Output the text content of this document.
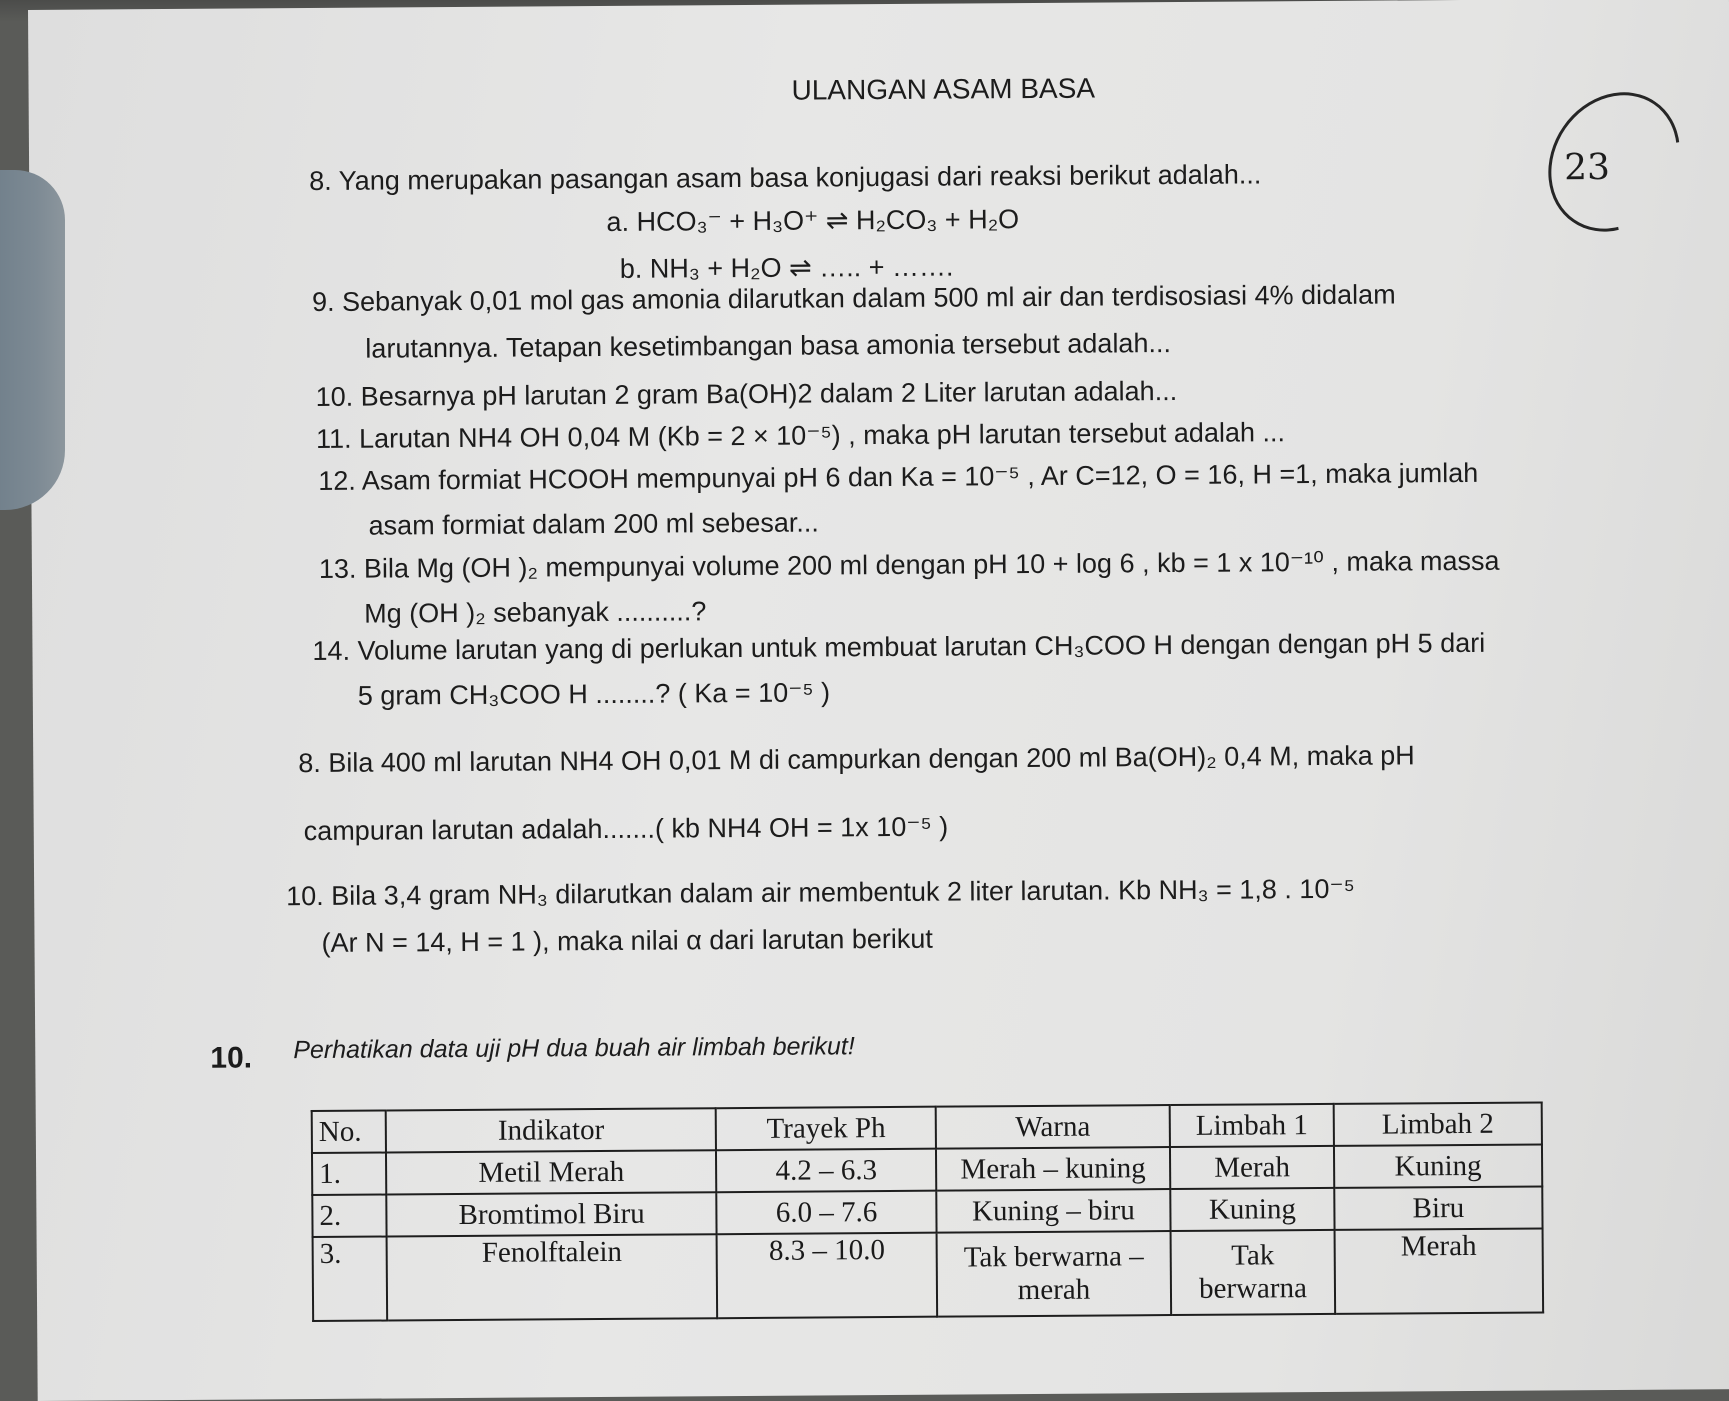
ULANGAN ASAM BASA
23
8. Yang merupakan pasangan asam basa konjugasi dari reaksi berikut adalah...
a. HCO₃⁻ + H₃O⁺ ⇌ H₂CO₃ + H₂O
b. NH₃ + H₂O ⇌ ….. + …….
9. Sebanyak 0,01 mol gas amonia dilarutkan dalam 500 ml air dan terdisosiasi 4% didalam
larutannya. Tetapan kesetimbangan basa amonia tersebut adalah...
10. Besarnya pH larutan 2 gram Ba(OH)2 dalam 2 Liter larutan adalah...
11. Larutan NH4 OH 0,04 M (Kb = 2 × 10⁻⁵) , maka pH larutan tersebut adalah ...
12. Asam formiat HCOOH mempunyai pH 6 dan Ka = 10⁻⁵ , Ar C=12, O = 16, H =1, maka jumlah
asam formiat dalam 200 ml sebesar...
13. Bila Mg (OH )₂ mempunyai volume 200 ml dengan pH 10 + log 6 , kb = 1 x 10⁻¹⁰ , maka massa
Mg (OH )₂ sebanyak ..........?
14. Volume larutan yang di perlukan untuk membuat larutan CH₃COO H dengan dengan pH 5 dari
5 gram CH₃COO H ........? ( Ka = 10⁻⁵ )
8. Bila 400 ml larutan NH4 OH 0,01 M di campurkan dengan 200 ml Ba(OH)₂ 0,4 M, maka pH
campuran larutan adalah.......( kb NH4 OH = 1x 10⁻⁵ )
10. Bila 3,4 gram NH₃ dilarutkan dalam air membentuk 2 liter larutan. Kb NH₃ = 1,8 . 10⁻⁵
(Ar N = 14, H = 1 ), maka nilai α dari larutan berikut
10. Perhatikan data uji pH dua buah air limbah berikut!
No.	Indikator	Trayek Ph	Warna	Limbah 1	Limbah 2
1.	Metil Merah	4.2 – 6.3	Merah – kuning	Merah	Kuning
2.	Bromtimol Biru	6.0 – 7.6	Kuning – biru	Kuning	Biru
3.	Fenolftalein	8.3 – 10.0	Tak berwarna – merah	Tak berwarna	Merah
